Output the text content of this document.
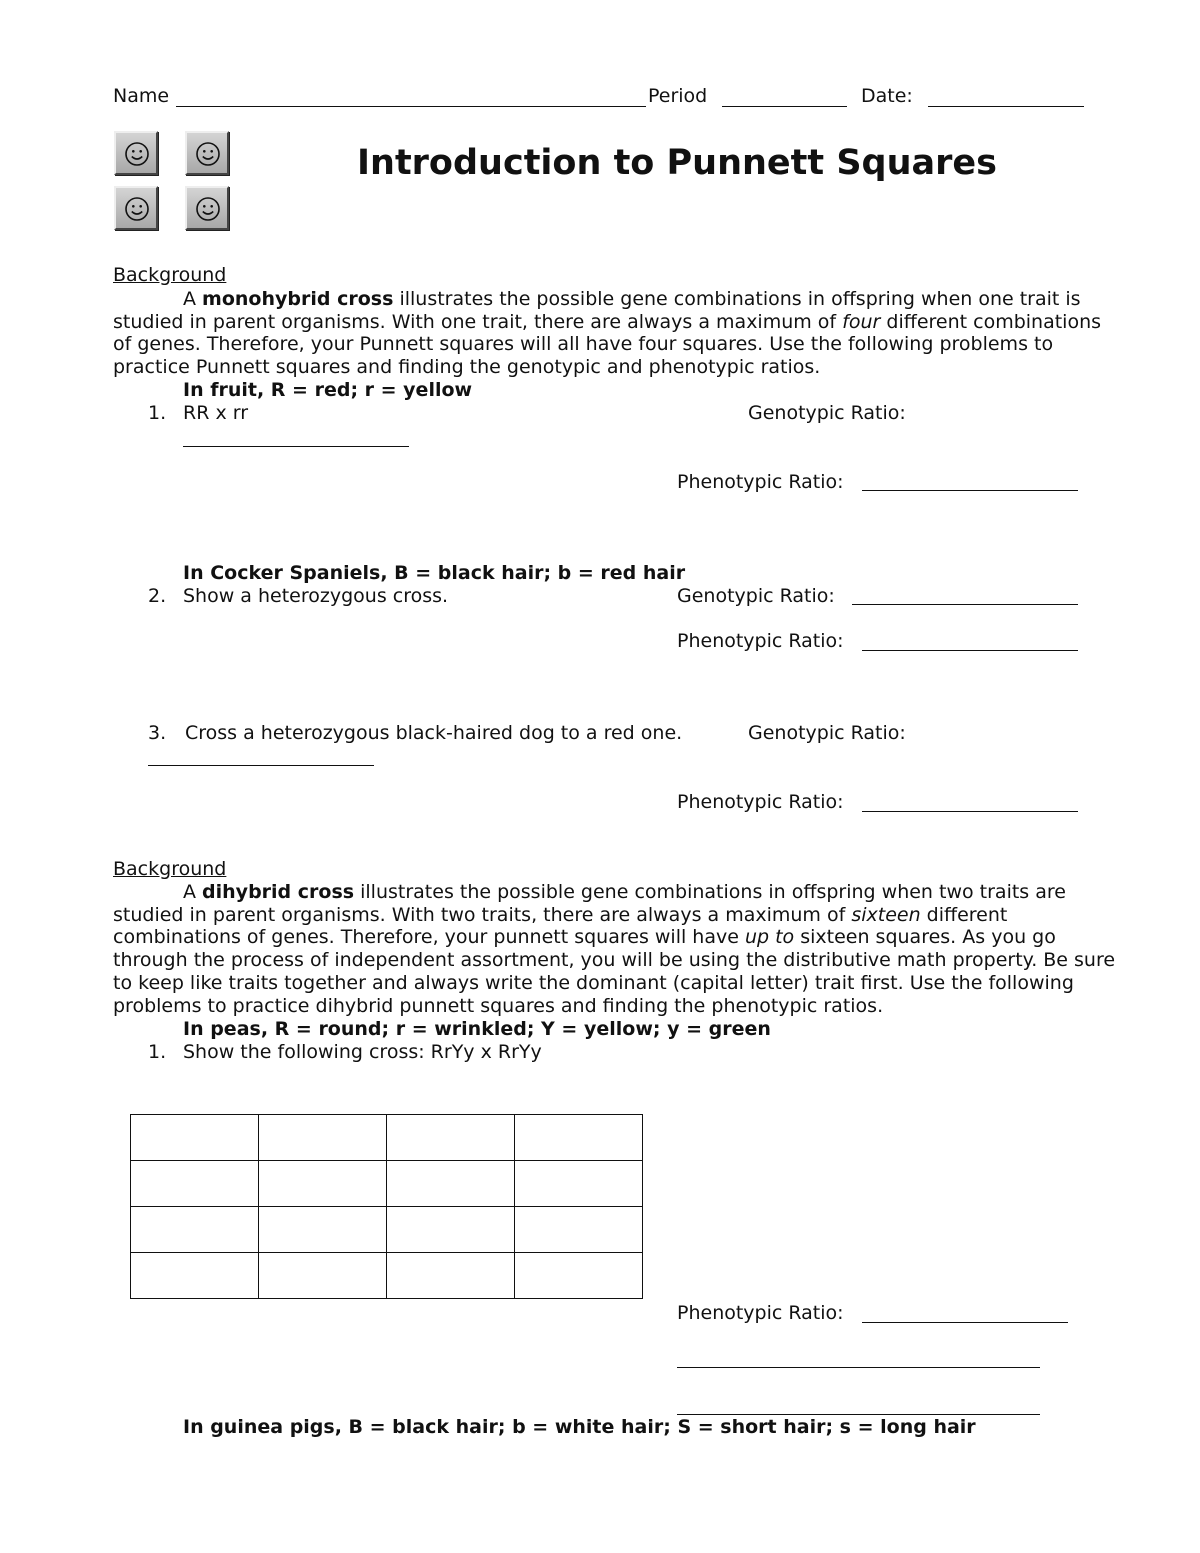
Name	Period	Date:
Introduction to Punnett Squares
Background
A monohybrid cross illustrates the possible gene combinations in offspring when one trait is studied in parent organisms. With one trait, there are always a maximum of four different combinations of genes. Therefore, your Punnett squares will all have four squares. Use the following problems to practice Punnett squares and finding the genotypic and phenotypic ratios.
In fruit, R = red; r = yellow
1. RR x rr	Genotypic Ratio:
Phenotypic Ratio:
In Cocker Spaniels, B = black hair; b = red hair
2. Show a heterozygous cross.	Genotypic Ratio:
Phenotypic Ratio:
3. Cross a heterozygous black-haired dog to a red one.	Genotypic Ratio:
Phenotypic Ratio:
Background
A dihybrid cross illustrates the possible gene combinations in offspring when two traits are studied in parent organisms. With two traits, there are always a maximum of sixteen different combinations of genes. Therefore, your punnett squares will have up to sixteen squares. As you go through the process of independent assortment, you will be using the distributive math property. Be sure to keep like traits together and always write the dominant (capital letter) trait first. Use the following problems to practice dihybrid punnett squares and finding the phenotypic ratios.
In peas, R = round; r = wrinkled; Y = yellow; y = green
1. Show the following cross: RrYy x RrYy

Phenotypic Ratio:
In guinea pigs, B = black hair; b = white hair; S = short hair; s = long hair
